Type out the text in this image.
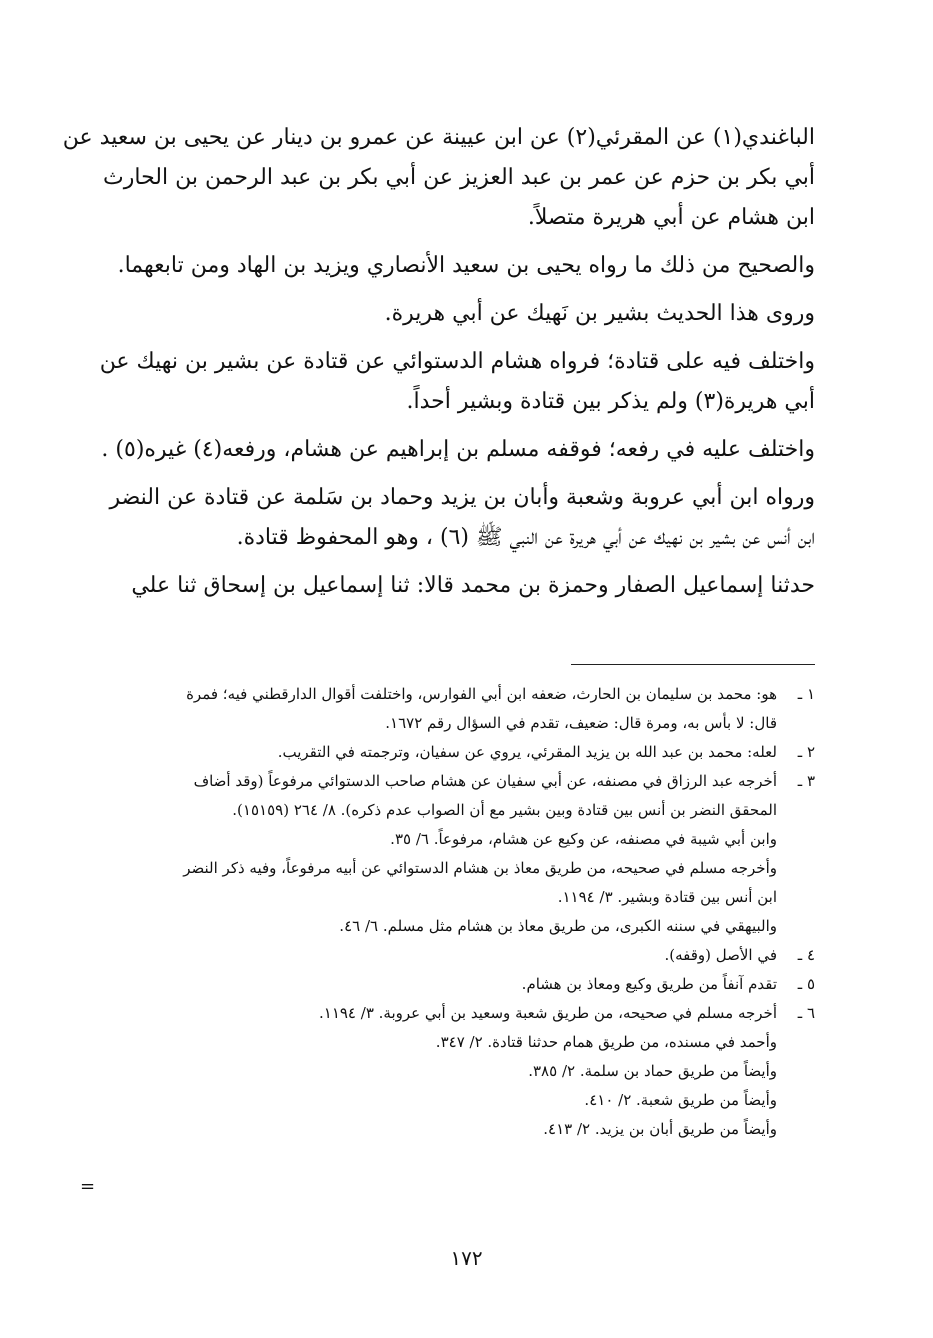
الباغندي(١) عن المقرئي(٢) عن ابن عيينة عن عمرو بن دينار عن يحيى بن سعيد عن
أبي بكر بن حزم عن عمر بن عبد العزيز عن أبي بكر بن عبد الرحمن بن الحارث
ابن هشام عن أبي هريرة متصلاً.
والصحيح من ذلك ما رواه يحيى بن سعيد الأنصاري ويزيد بن الهاد ومن تابعهما.
وروى هذا الحديث بشير بن نَهيك عن أبي هريرة.
واختلف فيه على قتادة؛ فرواه هشام الدستوائي عن قتادة عن بشير بن نهيك عن
أبي هريرة(٣) ولم يذكر بين قتادة وبشير أحداً.
واختلف عليه في رفعه؛ فوقفه مسلم بن إبراهيم عن هشام، ورفعه(٤) غيره(٥) .
ورواه ابن أبي عروبة وشعبة وأبان بن يزيد وحماد بن سَلمة عن قتادة عن النضر
ابن أنس عن بشير بن نهيك عن أبي هريرة عن النبي ﷺ (٦) ، وهو المحفوظ قتادة.
حدثنا إسماعيل الصفار وحمزة بن محمد قالا: ثنا إسماعيل بن إسحاق ثنا علي
١ ـ
هو: محمد بن سليمان بن الحارث، ضعفه ابن أبي الفوارس، واختلفت أقوال الدارقطني فيه؛ فمرة
قال: لا بأس به، ومرة قال: ضعيف، تقدم في السؤال رقم ١٦٧٢.
٢ ـ
لعله: محمد بن عبد الله بن يزيد المقرئي، يروي عن سفيان، وترجمته في التقريب.
٣ ـ
أخرجه عبد الرزاق في مصنفه، عن أبي سفيان عن هشام صاحب الدستوائي مرفوعاً (وقد أضاف
المحقق النضر بن أنس بين قتادة وبين بشير مع أن الصواب عدم ذكره). ٨/ ٢٦٤ (١٥١٥٩).
وابن أبي شيبة في مصنفه، عن وكيع عن هشام، مرفوعاً. ٦/ ٣٥.
وأخرجه مسلم في صحيحه، من طريق معاذ بن هشام الدستوائي عن أبيه مرفوعاً، وفيه ذكر النضر
ابن أنس بين قتادة وبشير. ٣/ ١١٩٤.
والبيهقي في سننه الكبرى، من طريق معاذ بن هشام مثل مسلم. ٦/ ٤٦.
٤ ـ
في الأصل (وقفه).
٥ ـ
تقدم آنفاً من طريق وكيع ومعاذ بن هشام.
٦ ـ
أخرجه مسلم في صحيحه، من طريق شعبة وسعيد بن أبي عروبة. ٣/ ١١٩٤.
وأحمد في مسنده، من طريق همام حدثنا قتادة. ٢/ ٣٤٧.
وأيضاً من طريق حماد بن سلمة. ٢/ ٣٨٥.
وأيضاً من طريق شعبة. ٢/ ٤١٠.
وأيضاً من طريق أبان بن يزيد. ٢/ ٤١٣.
=
١٧٢
